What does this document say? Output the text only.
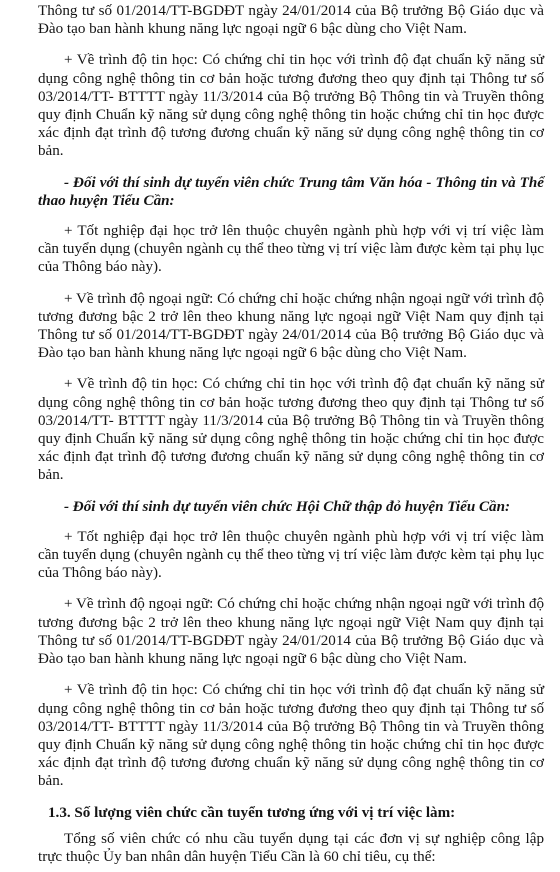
Thông tư số 01/2014/TT-BGDĐT ngày 24/01/2014 của Bộ trưởng Bộ Giáo dục và Đào tạo ban hành khung năng lực ngoại ngữ 6 bậc dùng cho Việt Nam.

+ Về trình độ tin học: Có chứng chỉ tin học với trình độ đạt chuẩn kỹ năng sử dụng công nghệ thông tin cơ bản hoặc tương đương theo quy định tại Thông tư số 03/2014/TT- BTTTT ngày 11/3/2014 của Bộ trưởng Bộ Thông tin và Truyền thông quy định Chuẩn kỹ năng sử dụng công nghệ thông tin hoặc chứng chỉ tin học được xác định đạt trình độ tương đương chuẩn kỹ năng sử dụng công nghệ thông tin cơ bản.

- Đối với thí sinh dự tuyển viên chức Trung tâm Văn hóa - Thông tin và Thể thao huyện Tiểu Cần:

+ Tốt nghiệp đại học trở lên thuộc chuyên ngành phù hợp với vị trí việc làm cần tuyển dụng (chuyên ngành cụ thể theo từng vị trí việc làm được kèm tại phụ lục của Thông báo này).

+ Về trình độ ngoại ngữ: Có chứng chỉ hoặc chứng nhận ngoại ngữ với trình độ tương đương bậc 2 trở lên theo khung năng lực ngoại ngữ Việt Nam quy định tại Thông tư số 01/2014/TT-BGDĐT ngày 24/01/2014 của Bộ trưởng Bộ Giáo dục và Đào tạo ban hành khung năng lực ngoại ngữ 6 bậc dùng cho Việt Nam.

+ Về trình độ tin học: Có chứng chỉ tin học với trình độ đạt chuẩn kỹ năng sử dụng công nghệ thông tin cơ bản hoặc tương đương theo quy định tại Thông tư số 03/2014/TT- BTTTT ngày 11/3/2014 của Bộ trưởng Bộ Thông tin và Truyền thông quy định Chuẩn kỹ năng sử dụng công nghệ thông tin hoặc chứng chỉ tin học được xác định đạt trình độ tương đương chuẩn kỹ năng sử dụng công nghệ thông tin cơ bản.

- Đối với thí sinh dự tuyển viên chức Hội Chữ thập đỏ huyện Tiểu Cần:

+ Tốt nghiệp đại học trở lên thuộc chuyên ngành phù hợp với vị trí việc làm cần tuyển dụng (chuyên ngành cụ thể theo từng vị trí việc làm được kèm tại phụ lục của Thông báo này).

+ Về trình độ ngoại ngữ: Có chứng chỉ hoặc chứng nhận ngoại ngữ với trình độ tương đương bậc 2 trở lên theo khung năng lực ngoại ngữ Việt Nam quy định tại Thông tư số 01/2014/TT-BGDĐT ngày 24/01/2014 của Bộ trưởng Bộ Giáo dục và Đào tạo ban hành khung năng lực ngoại ngữ 6 bậc dùng cho Việt Nam.

+ Về trình độ tin học: Có chứng chỉ tin học với trình độ đạt chuẩn kỹ năng sử dụng công nghệ thông tin cơ bản hoặc tương đương theo quy định tại Thông tư số 03/2014/TT- BTTTT ngày 11/3/2014 của Bộ trưởng Bộ Thông tin và Truyền thông quy định Chuẩn kỹ năng sử dụng công nghệ thông tin hoặc chứng chỉ tin học được xác định đạt trình độ tương đương chuẩn kỹ năng sử dụng công nghệ thông tin cơ bản.

1.3. Số lượng viên chức cần tuyển tương ứng với vị trí việc làm:

Tổng số viên chức có nhu cầu tuyển dụng tại các đơn vị sự nghiệp công lập trực thuộc Ủy ban nhân dân huyện Tiểu Cần là 60 chỉ tiêu, cụ thể:
